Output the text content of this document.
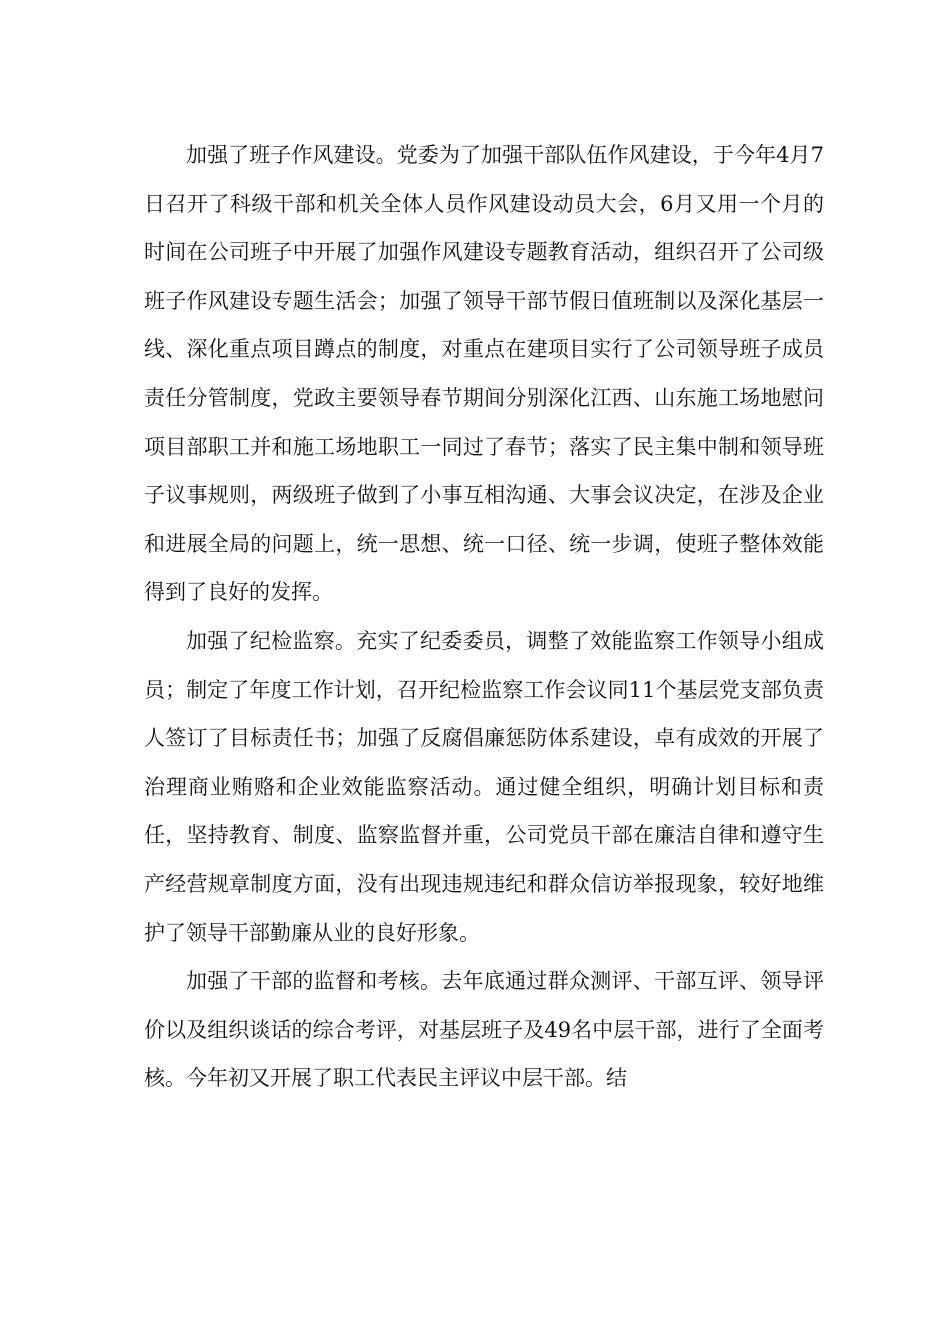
加强了班子作风建设。党委为了加强干部队伍作风建设，于今年4月7日召开了科级干部和机关全体人员作风建设动员大会，6月又用一个月的时间在公司班子中开展了加强作风建设专题教育活动，组织召开了公司级班子作风建设专题生活会；加强了领导干部节假日值班制以及深化基层一线、深化重点项目蹲点的制度，对重点在建项目实行了公司领导班子成员责任分管制度，党政主要领导春节期间分别深化江西、山东施工场地慰问项目部职工并和施工场地职工一同过了春节；落实了民主集中制和领导班子议事规则，两级班子做到了小事互相沟通、大事会议决定，在涉及企业和进展全局的问题上，统一思想、统一口径、统一步调，使班子整体效能得到了良好的发挥。

加强了纪检监察。充实了纪委委员，调整了效能监察工作领导小组成员；制定了年度工作计划，召开纪检监察工作会议同11个基层党支部负责人签订了目标责任书；加强了反腐倡廉惩防体系建设，卓有成效的开展了治理商业贿赂和企业效能监察活动。通过健全组织，明确计划目标和责任，坚持教育、制度、监察监督并重，公司党员干部在廉洁自律和遵守生产经营规章制度方面，没有出现违规违纪和群众信访举报现象，较好地维护了领导干部勤廉从业的良好形象。

加强了干部的监督和考核。去年底通过群众测评、干部互评、领导评价以及组织谈话的综合考评，对基层班子及49名中层干部，进行了全面考核。今年初又开展了职工代表民主评议中层干部。结
